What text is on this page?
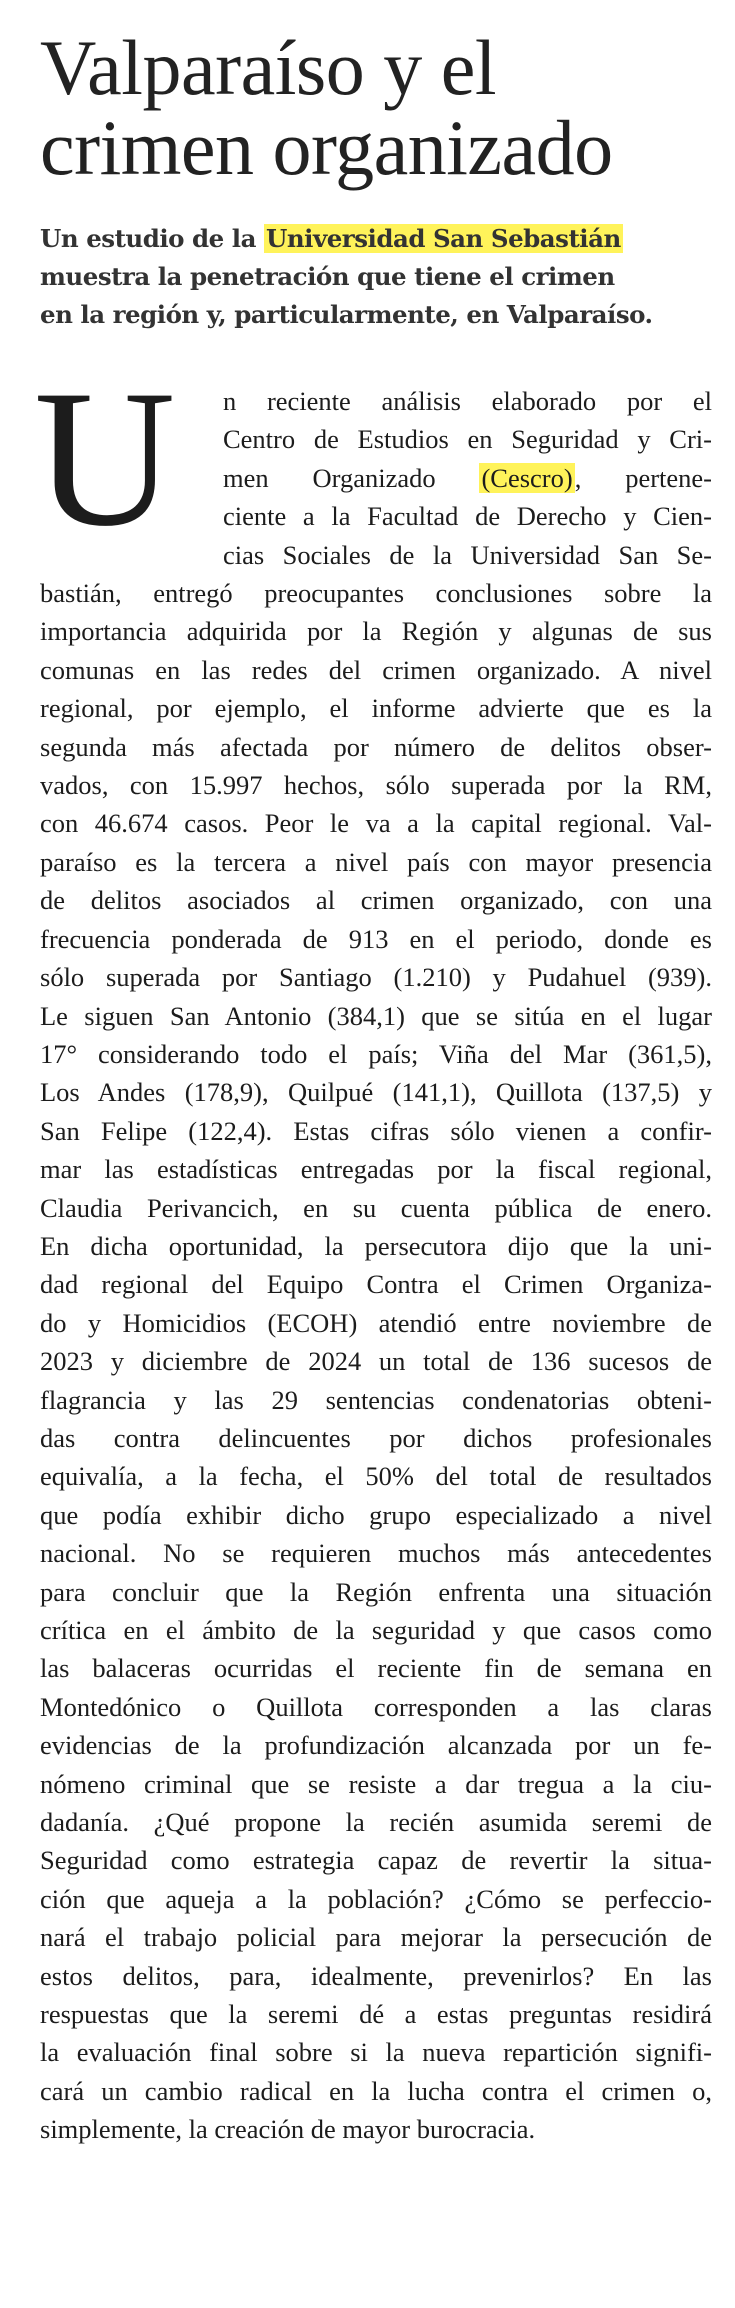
Valparaíso y el
crimen organizado

Un estudio de la Universidad San Sebastián
muestra la penetración que tiene el crimen
en la región y, particularmente, en Valparaíso.

U	n reciente análisis elaborado por el
Centro de Estudios en Seguridad y Cri-
men Organizado (Cescro), pertene-
ciente a la Facultad de Derecho y Cien-
cias Sociales de la Universidad San Se-
bastián, entregó preocupantes conclusiones sobre la
importancia adquirida por la Región y algunas de sus
comunas en las redes del crimen organizado. A nivel
regional, por ejemplo, el informe advierte que es la
segunda más afectada por número de delitos obser-
vados, con 15.997 hechos, sólo superada por la RM,
con 46.674 casos. Peor le va a la capital regional. Val-
paraíso es la tercera a nivel país con mayor presencia
de delitos asociados al crimen organizado, con una
frecuencia ponderada de 913 en el periodo, donde es
sólo superada por Santiago (1.210) y Pudahuel (939).
Le siguen San Antonio (384,1) que se sitúa en el lugar
17° considerando todo el país; Viña del Mar (361,5),
Los Andes (178,9), Quilpué (141,1), Quillota (137,5) y
San Felipe (122,4). Estas cifras sólo vienen a confir-
mar las estadísticas entregadas por la fiscal regional,
Claudia Perivancich, en su cuenta pública de enero.
En dicha oportunidad, la persecutora dijo que la uni-
dad regional del Equipo Contra el Crimen Organiza-
do y Homicidios (ECOH) atendió entre noviembre de
2023 y diciembre de 2024 un total de 136 sucesos de
flagrancia y las 29 sentencias condenatorias obteni-
das contra delincuentes por dichos profesionales
equivalía, a la fecha, el 50% del total de resultados
que podía exhibir dicho grupo especializado a nivel
nacional. No se requieren muchos más antecedentes
para concluir que la Región enfrenta una situación
crítica en el ámbito de la seguridad y que casos como
las balaceras ocurridas el reciente fin de semana en
Montedónico o Quillota corresponden a las claras
evidencias de la profundización alcanzada por un fe-
nómeno criminal que se resiste a dar tregua a la ciu-
dadanía. ¿Qué propone la recién asumida seremi de
Seguridad como estrategia capaz de revertir la situa-
ción que aqueja a la población? ¿Cómo se perfeccio-
nará el trabajo policial para mejorar la persecución de
estos delitos, para, idealmente, prevenirlos? En las
respuestas que la seremi dé a estas preguntas residirá
la evaluación final sobre si la nueva repartición signifi-
cará un cambio radical en la lucha contra el crimen o,
simplemente, la creación de mayor burocracia.
